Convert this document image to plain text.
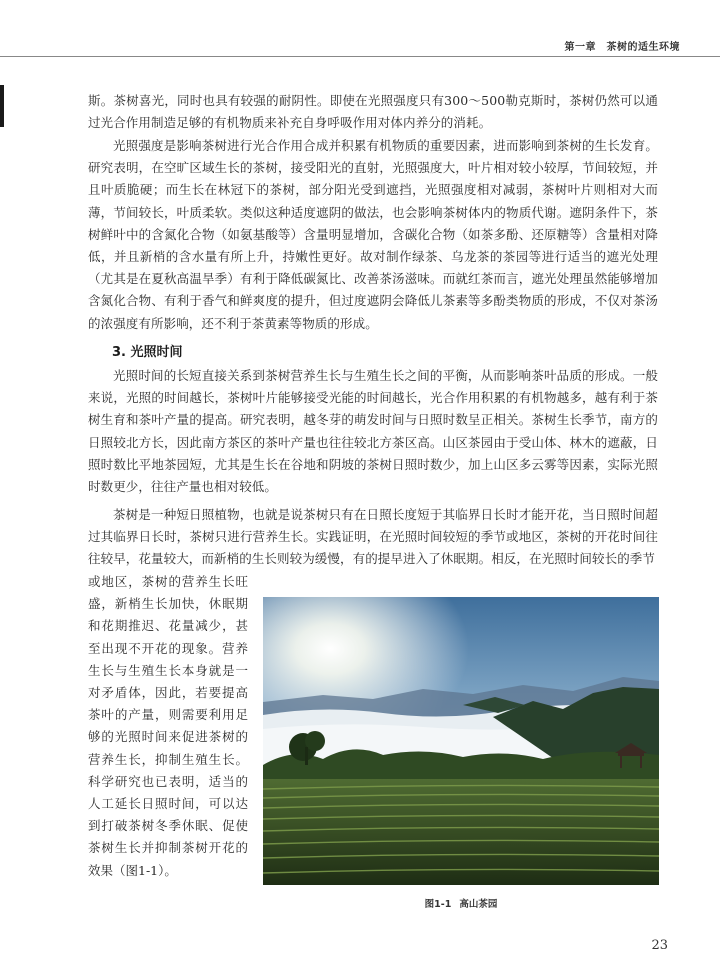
第一章　茶树的适生环境

斯。茶树喜光，同时也具有较强的耐阴性。即使在光照强度只有300～500勒克斯时，茶树仍然可以通过光合作用制造足够的有机物质来补充自身呼吸作用对体内养分的消耗。

光照强度是影响茶树进行光合作用合成并积累有机物质的重要因素，进而影响到茶树的生长发育。研究表明，在空旷区域生长的茶树，接受阳光的直射，光照强度大，叶片相对较小较厚，节间较短，并且叶质脆硬；而生长在林冠下的茶树，部分阳光受到遮挡，光照强度相对减弱，茶树叶片则相对大而薄，节间较长，叶质柔软。类似这种适度遮阴的做法，也会影响茶树体内的物质代谢。遮阴条件下，茶树鲜叶中的含氮化合物（如氨基酸等）含量明显增加，含碳化合物（如茶多酚、还原糖等）含量相对降低，并且新梢的含水量有所上升，持嫩性更好。故对制作绿茶、乌龙茶的茶园等进行适当的遮光处理（尤其是在夏秋高温旱季）有利于降低碳氮比、改善茶汤滋味。而就红茶而言，遮光处理虽然能够增加含氮化合物、有利于香气和鲜爽度的提升，但过度遮阴会降低儿茶素等多酚类物质的形成，不仅对茶汤的浓强度有所影响，还不利于茶黄素等物质的形成。

3. 光照时间

光照时间的长短直接关系到茶树营养生长与生殖生长之间的平衡，从而影响茶叶品质的形成。一般来说，光照的时间越长，茶树叶片能够接受光能的时间越长，光合作用积累的有机物越多，越有利于茶树生育和茶叶产量的提高。研究表明，越冬芽的萌发时间与日照时数呈正相关。茶树生长季节，南方的日照较北方长，因此南方茶区的茶叶产量也往往较北方茶区高。山区茶园由于受山体、林木的遮蔽，日照时数比平地茶园短，尤其是生长在谷地和阴坡的茶树日照时数少，加上山区多云雾等因素，实际光照时数更少，往往产量也相对较低。

茶树是一种短日照植物，也就是说茶树只有在日照长度短于其临界日长时才能开花，当日照时间超过其临界日长时，茶树只进行营养生长。实践证明，在光照时间较短的季节或地区，茶树的开花时间往往较早，花量较大，而新梢的生长则较为缓慢，有的提早进入了休眠期。相反，在光照时间较长的季节

或地区，茶树的营养生长旺盛，新梢生长加快，休眠期和花期推迟、花量减少，甚至出现不开花的现象。营养生长与生殖生长本身就是一对矛盾体，因此，若要提高茶叶的产量，则需要利用足够的光照时间来促进茶树的营养生长，抑制生殖生长。科学研究也已表明，适当的人工延长日照时间，可以达到打破茶树冬季休眠、促使茶树生长并抑制茶树开花的效果（图1-1）。

图1-1 高山茶园
23
